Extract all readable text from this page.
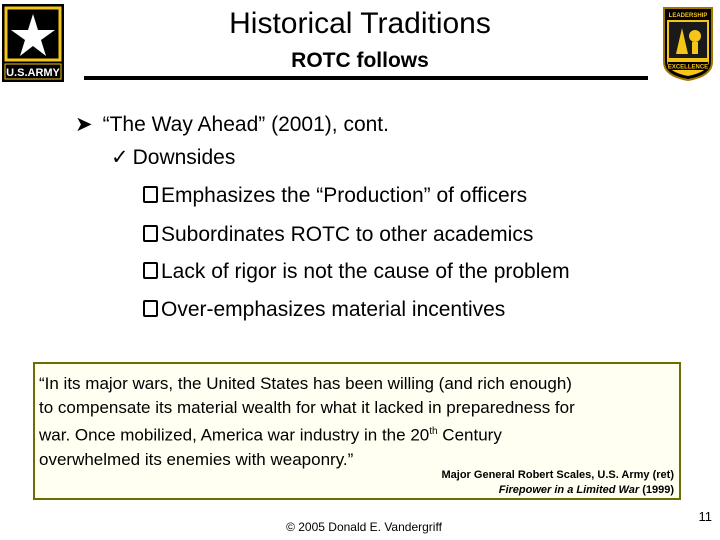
U.S.ARMY
LEADERSHIP
EXCELLENCE
Historical Traditions
ROTC follows
➤ “The Way Ahead” (2001), cont.
✓ Downsides
Emphasizes the “Production” of officers
Subordinates ROTC to other academics
Lack of rigor is not the cause of the problem
Over-emphasizes material incentives
“In its major wars, the United States has been willing (and rich enough)
to compensate its material wealth for what it lacked in preparedness for
war. Once mobilized, America war industry in the 20th Century
overwhelmed its enemies with weaponry.”
Major General Robert Scales, U.S. Army (ret)
Firepower in a Limited War (1999)
© 2005 Donald E. Vandergriff
11
